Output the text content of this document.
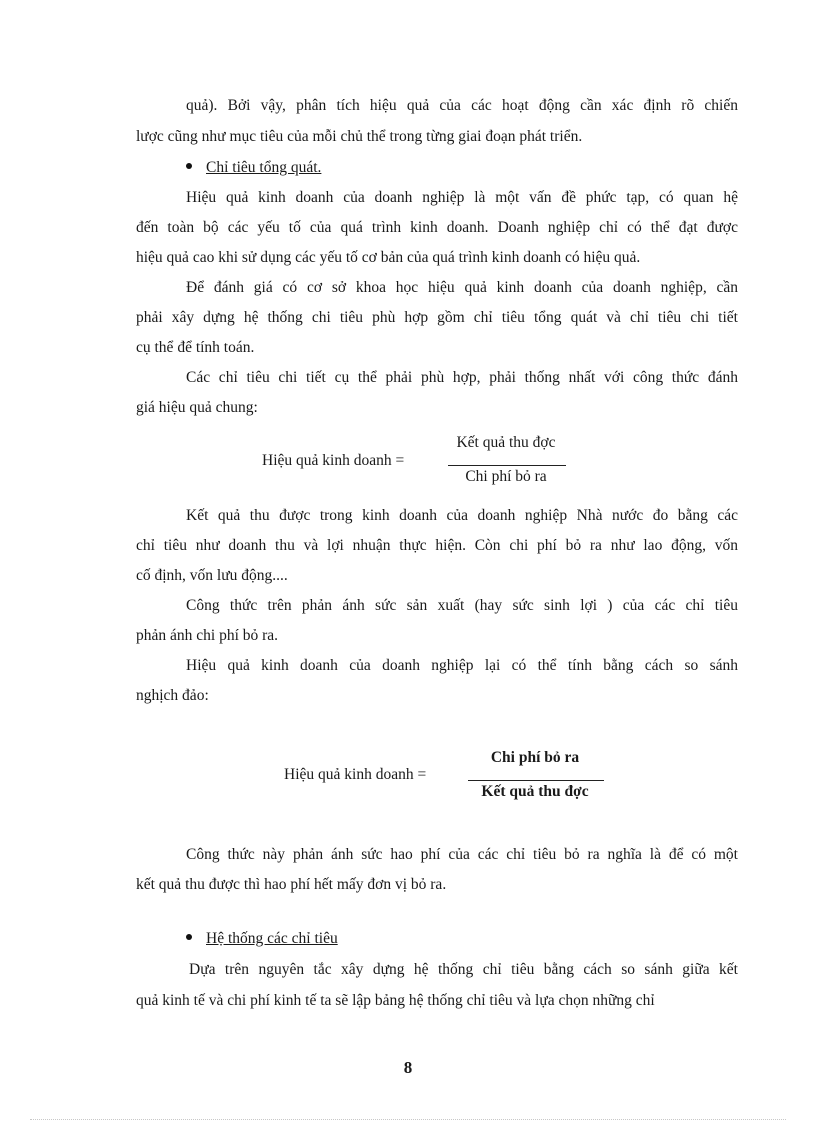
quả). Bởi vậy, phân tích hiệu quả của các hoạt động cần xác định rõ chiến
lược cũng như mục tiêu của mỗi chủ thể trong từng giai đoạn phát triển.
Chỉ tiêu tổng quát.
Hiệu quả kinh doanh của doanh nghiệp là một vấn đề phức tạp, có quan hệ
đến toàn bộ các yếu tố của quá trình kinh doanh. Doanh nghiệp chỉ có thể đạt được
hiệu quả cao khi sử dụng các yếu tố cơ bản của quá trình kinh doanh có hiệu quả.
Để đánh giá có cơ sở khoa học hiệu quả kinh doanh của doanh nghiệp, cần
phải xây dựng hệ thống chi tiêu phù hợp gồm chỉ tiêu tổng quát và chỉ tiêu chi tiết
cụ thể để tính toán.
Các chỉ tiêu chi tiết cụ thể phải phù hợp, phải thống nhất với công thức đánh
giá hiệu quả chung:
Hiệu quả kinh doanh =
Kết quả thu đợc
Chi phí bỏ ra
Kết quả thu được trong kinh doanh của doanh nghiệp Nhà nước đo bằng các
chỉ tiêu như doanh thu và lợi nhuận thực hiện. Còn chi phí bỏ ra như lao động, vốn
cố định, vốn lưu động....
Công thức trên phản ánh sức sản xuất (hay sức sinh lợi ) của các chỉ tiêu
phản ánh chi phí bỏ ra.
Hiệu quả kinh doanh của doanh nghiệp lại có thể tính bằng cách so sánh
nghịch đảo:
Hiệu quả kinh doanh =
Chi phí bỏ ra
Kết quả thu đợc
Công thức này phản ánh sức hao phí của các chỉ tiêu bỏ ra nghĩa là để có một
kết quả thu được thì hao phí hết mấy đơn vị bỏ ra.
Hệ thống các chỉ tiêu
Dựa trên nguyên tắc xây dựng hệ thống chỉ tiêu bằng cách so sánh giữa kết
quả kinh tế và chi phí kinh tế ta sẽ lập bảng hệ thống chỉ tiêu và lựa chọn những chỉ
8
